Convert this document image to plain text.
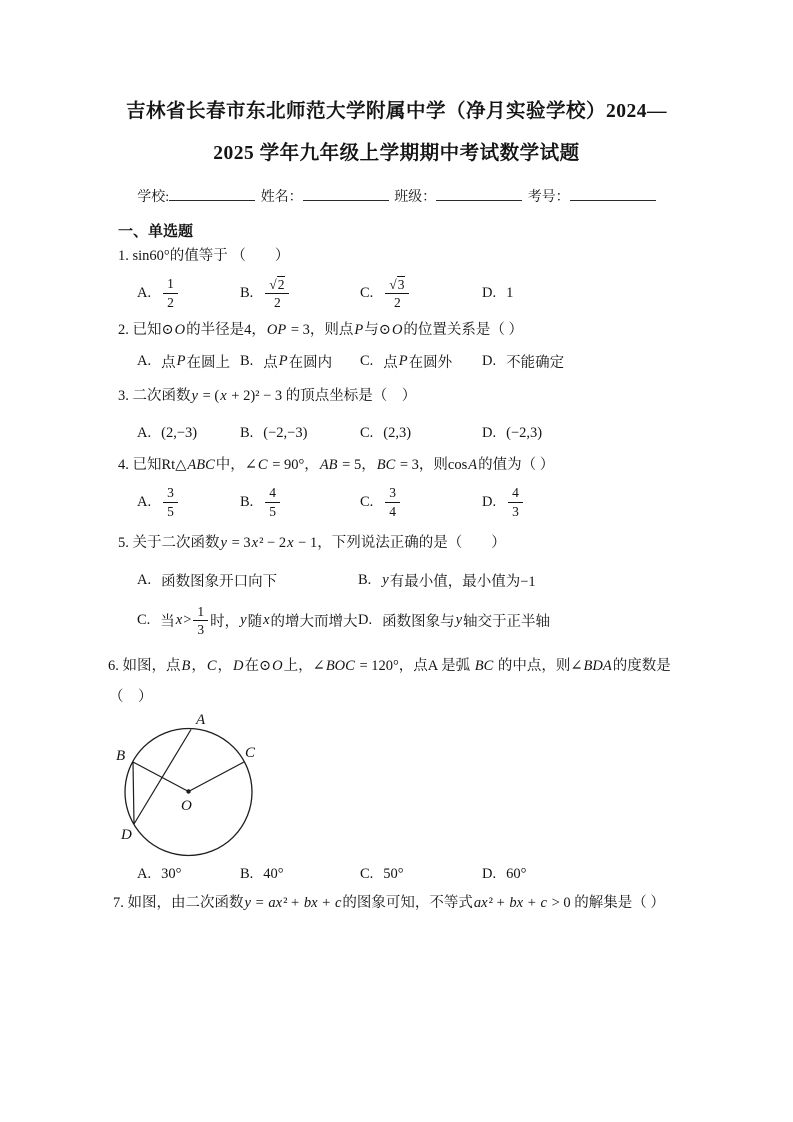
吉林省长春市东北师范大学附属中学（净月实验学校）2024—
2025 学年九年级上学期期中考试数学试题
学校:	姓名：	班级：	考号：
一、单选题
1. sin60°的值等于 （　　）
A. $\frac{1}{2}$	B. $\frac{√2}{2}$	C. $\frac{√3}{2}$	D. 1
2. 已知⊙O的半径是4，OP = 3，则点P与⊙O的位置关系是（ ）
A. 点 P 在圆上 B. 点 P 在圆内 C. 点 P 在圆外 D. 不能确定
3. 二次函数y = (x + 2)² − 3 的顶点坐标是（　）
A. (2,−3)	B. (−2,−3)	C. (2,3)	D. (−2,3)
4. 已知Rt△ABC中，∠C = 90°，AB = 5，BC = 3，则cosA的值为（ ）
A. $\frac{3}{5}$	B. $\frac{4}{5}$	C. $\frac{3}{4}$	D. $\frac{4}{3}$
5. 关于二次函数y = 3x² − 2x − 1，下列说法正确的是（　　）
A. 函数图象开口向下	B. y 有最小值，最小值为−1
C. 当 $x > \frac{1}{3}$ 时， y 随 x 的增大而增大 D. 函数图象与 y 轴交于正半轴
6. 如图，点B，C，D在⊙O上，∠BOC = 120°，点A 是弧 BC 的中点，则∠BDA的度数是
（　）
A
B	C
D
O
A. 30°	B. 40°	C. 50°	D. 60°
7. 如图，由二次函数y = ax² + bx + c的图象可知，不等式ax² + bx + c > 0 的解集是（ ）
